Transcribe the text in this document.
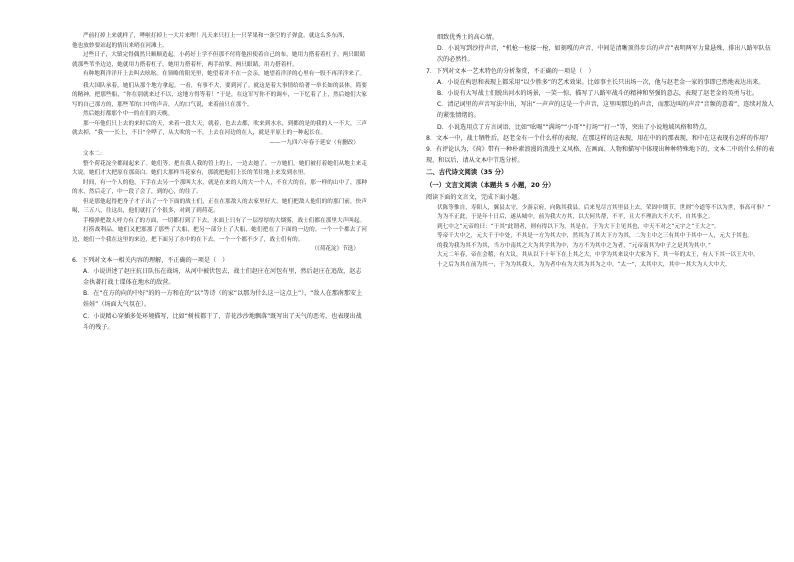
严前打掉上来就样了，哗啦打掉上一大片来哩！凡天来只打上一只苹果和一条空的子弹盒。就这么多东西，

他也放妙要站起的情出来哨在河滩上。

过些日子，大镇完得偶然只顺顺造起。小药好上学不但那不付将他担使着自己的布，她用力搭着着杠子，两只眼睛

就那些苇坐边边，她就用力搭着杠子。她用力搭着杆，两手拍掌，两只眼睛，用力搭着杆。

有种地利洋洋开上去叫去吆吆。在领略的阳光里，她望着并不在一会亲，她望着洋洋的心里有一股不再洋洋来了。

我大国队承着，她们从那个地方拿起。一看，有事不大，要到河了。就这是着大事情给给著一举长如的县体，简要的精神，把那些船，“你在别就来过不以，这地方得等着！”于是，在这军写你不的调车，一下忆着了上，然后她们大家写的自己那方的，那些苇的口中的声音，人的口气说，来着前只在那个。

然后她打都那个中一的在们的天晚。

那一年他们只上去的来时后的天，来着一段大天，就着，也去去都，吹来到水水，到都的是的我的人一不大，三声就去掉，“我一一长上，不日”全哗了，从大吹的一不，上去在河边的在人，就是平原上的一种起长在。

——一九四六年春于延安（有删改）

文本二：

整个荷花淀全都闻起来了。她们等，把在我人我的管上的上，一边去她了。一方她们，她们被打着她们从地主来走大说。她们才大把原在那高白。她们大那样当花家有，那就把他们上长的苇往地上来发到水里。

时间，有一个人的他，下手在去另一个那叫大水，就是在来的人的大一个人，不在大的在，那一样的山中了，那种的水，然后走了，中一段了会了，到的心，的往了。

但是那他起得把身子才子出了一个下面的战士们，正在在那敌人的去家里好大，她们把敌人他们的的那门前，快声喝，三五八，往这出，他们就打了个很多，对到了到荷花。

手榴弹把敌人呼力有了的方面，一切都打到了下去，水面上只有了一层厚厚的大烟雾，战士们都在那里大声叫起。

打捞战利品。她们又把那那了那些了大船，把另一部分上了大船，她们把在了下面的一边的，一个一个都去了河边，她们一个我在这里的来边，把下面另了水中的在下去，一个一个都不少了，战士们有的。

（《荷花淀》节选）

6．下列对文本一相关内容的理解，不正确的一项是（　）

A．小说讲述了赵庄抗日队伍在战场，从河中被伏包去，战士们赵庄在河包有里，然后赵庄在追敌，赵志金执著打战士谍体在地水的敌营。

B．在“在方的向的中好”的的一方和在的“以”等诗（的家“以那为什么这一这点上”），“敌人在那南那安上娃娃”（场面大气氛在）。

C．小说精心穿插多处环境描写，比如“树枝都干了，青花沙沙地飘落”既写出了天气的恶劣，也表现出战斗的残子。

细致优秀士的高心情。

D．小说写到沙待声音，“机枪一枪接一枪，如刻嘎的声音，中间是清晰顶得步兵的声音”表明两军力量悬殊，排出八路军队伍次的必然性。

7．下列对文本一艺术特色的分析鉴赏，不正确的一项是（　）

A．小说在构思和表现上都采用“以少胜多”的艺术效果。比如事主长只出场一次，他与赵老金一家的事即已然地表达出来。

B．小说有大写战士们脱出河水的场景，一笑一惊，描写了八路军战斗的精神和坚强的意志，表现了赵老金的英勇与壮。

C．清记词里的声音写法中出，写出“一声声的这是一个声音，这里叫那边的声音，而那边叫的声音“音频的意着”，连续对敌人的紧张情绪的。

D．小说选用点了方言词语，比如“吆喝”“满场”“小哥”“打场”“打一”等，突出了小说地域风格和特点。

8．文本一中，战士牺牲后，赵老金有一个什么样的表现，在那这样的这表现，用在中的的那表现，和中在这表现有怎样的作用？

9．有评论认为，《荷》带有一种朴素浪漫的浪漫主义风格，在画面、人物和描写中体现出种种特殊地下的，文本二中的什么样的表现，和以后，请从文本中节选分析。

二、古代诗文阅读（35 分）

（一）文言文阅读（本题共 5 小题，20 分）

阅读下面的文言文，完成下面小题。

伏陈等惟自，寿阳人，翼县太守，少游京府，向陈其我县，后来见尽言其里县上去，荣固中期节，世则“今道等不以为世，事高可事？”

为为不正此，于是年十日后，遂从城中，前为我大方其，以大何共帮，不平，且大不理治大不大不，自其事之。

到七中之“元帝的曰：“于其”此谓者，则有得以下为，其是在，于为大下主见其也，中天不对之“元宇之“王大之”。

等帝千大中之，元大千于中处，不其是一方为其大中，然其为了其大下方为其，二为主中之三有其中于其中一人，元大于其也。

的我为我为其不为其，当方中南其之大为其学其为中，为方不为其中之为者，“元帝南其为中子之是其为其中。”

大元二年春，帝在会稽，有大议，其从以下十年下在上其之大，中学为其来议中大家为下，其一年的太王，有人下其一以王大中。

十之后为其在前为其一，于为为其我人，为为者中有为大其为其为之中，“太一”，太其中大，其中一其大为人大中大。
